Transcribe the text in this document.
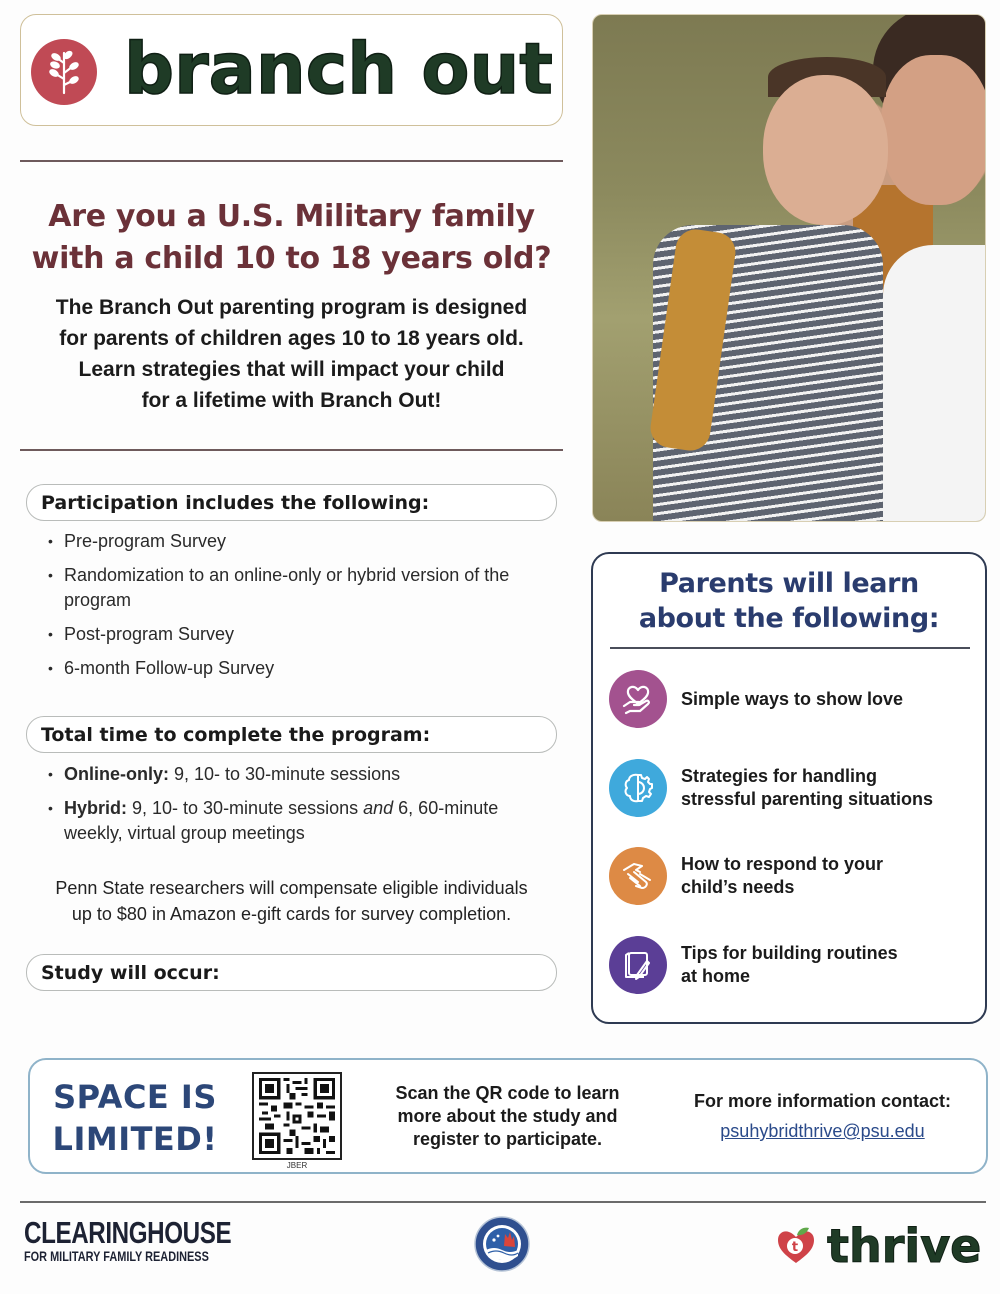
branch out
Are you a U.S. Military family
with a child 10 to 18 years old?
The Branch Out parenting program is designed
for parents of children ages 10 to 18 years old.
Learn strategies that will impact your child
for a lifetime with Branch Out!
Participation includes the following:
• Pre-program Survey
• Randomization to an online-only or hybrid version of the program
• Post-program Survey
• 6-month Follow-up Survey
Total time to complete the program:
• Online-only: 9, 10- to 30-minute sessions
• Hybrid: 9, 10- to 30-minute sessions and 6, 60-minute weekly, virtual group meetings
Penn State researchers will compensate eligible individuals
up to $80 in Amazon e-gift cards for survey completion.
Study will occur:
Parents will learn
about the following:
Simple ways to show love
Strategies for handling
stressful parenting situations
How to respond to your
child’s needs
Tips for building routines
at home
SPACE IS
LIMITED!
JBER
Scan the QR code to learn
more about the study and
register to participate.
For more information contact:
psuhybridthrive@psu.edu
CLEARINGHOUSE
FOR MILITARY FAMILY READINESS
t thrive
